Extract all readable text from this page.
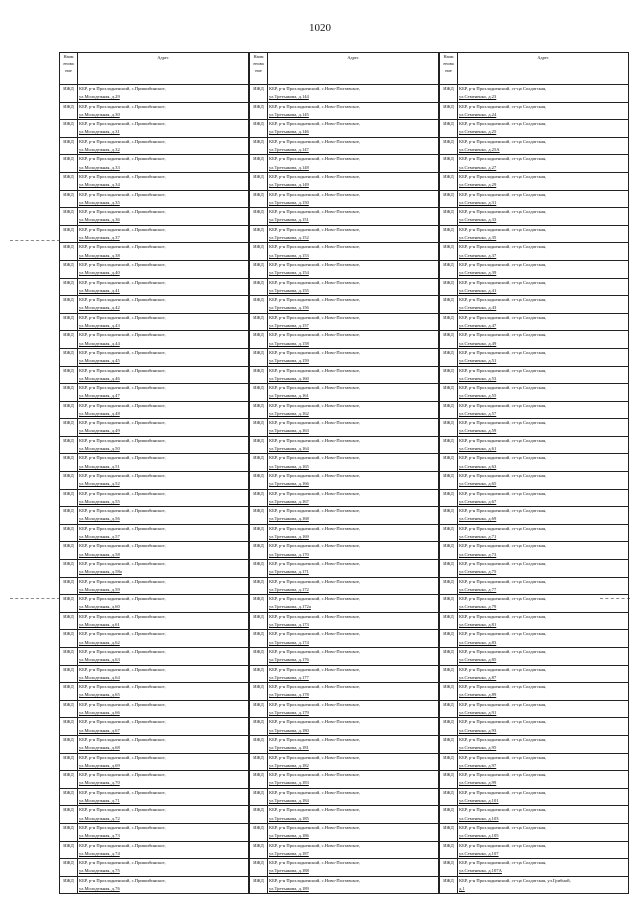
1020
Наим енова ние	Адрес
ИЖД	КБР, р-н Прохладненский, с.Пришибинское,
ул.Молодежная, д.29

ИЖД	КБР, р-н Прохладненский, с.Пришибинское,
ул.Молодежная, д.30

ИЖД	КБР, р-н Прохладненский, с.Пришибинское,
ул.Молодежная, д.31

ИЖД	КБР, р-н Прохладненский, с.Пришибинское,
ул.Молодежная, д.32

ИЖД	КБР, р-н Прохладненский, с.Пришибинское,
ул.Молодежная, д.33

ИЖД	КБР, р-н Прохладненский, с.Пришибинское,
ул.Молодежная, д.34

ИЖД	КБР, р-н Прохладненский, с.Пришибинское,
ул.Молодежная, д.35

ИЖД	КБР, р-н Прохладненский, с.Пришибинское,
ул.Молодежная, д.36

ИЖД	КБР, р-н Прохладненский, с.Пришибинское,
ул.Молодежная, д.37

ИЖД	КБР, р-н Прохладненский, с.Пришибинское,
ул.Молодежная, д.38

ИЖД	КБР, р-н Прохладненский, с.Пришибинское,
ул.Молодежная, д.40

ИЖД	КБР, р-н Прохладненский, с.Пришибинское,
ул.Молодежная, д.41

ИЖД	КБР, р-н Прохладненский, с.Пришибинское,
ул.Молодежная, д.42

ИЖД	КБР, р-н Прохладненский, с.Пришибинское,
ул.Молодежная, д.43

ИЖД	КБР, р-н Прохладненский, с.Пришибинское,
ул.Молодежная, д.44

ИЖД	КБР, р-н Прохладненский, с.Пришибинское,
ул.Молодежная, д.45

ИЖД	КБР, р-н Прохладненский, с.Пришибинское,
ул.Молодежная, д.46

ИЖД	КБР, р-н Прохладненский, с.Пришибинское,
ул.Молодежная, д.47

ИЖД	КБР, р-н Прохладненский, с.Пришибинское,
ул.Молодежная, д.48

ИЖД	КБР, р-н Прохладненский, с.Пришибинское,
ул.Молодежная, д.49

ИЖД	КБР, р-н Прохладненский, с.Пришибинское,
ул.Молодежная, д.50

ИЖД	КБР, р-н Прохладненский, с.Пришибинское,
ул.Молодежная, д.51

ИЖД	КБР, р-н Прохладненский, с.Пришибинское,
ул.Молодежная, д.52

ИЖД	КБР, р-н Прохладненский, с.Пришибинское,
ул.Молодежная, д.55

ИЖД	КБР, р-н Прохладненский, с.Пришибинское,
ул.Молодежная, д.56

ИЖД	КБР, р-н Прохладненский, с.Пришибинское,
ул.Молодежная, д.57

ИЖД	КБР, р-н Прохладненский, с.Пришибинское,
ул.Молодежная, д.58

ИЖД	КБР, р-н Прохладненский, с.Пришибинское,
ул.Молодежная, д.58а

ИЖД	КБР, р-н Прохладненский, с.Пришибинское,
ул.Молодежная, д.59

ИЖД	КБР, р-н Прохладненский, с.Пришибинское,
ул.Молодежная, д.60

ИЖД	КБР, р-н Прохладненский, с.Пришибинское,
ул.Молодежная, д.61

ИЖД	КБР, р-н Прохладненский, с.Пришибинское,
ул.Молодежная, д.62

ИЖД	КБР, р-н Прохладненский, с.Пришибинское,
ул.Молодежная, д.63

ИЖД	КБР, р-н Прохладненский, с.Пришибинское,
ул.Молодежная, д.64

ИЖД	КБР, р-н Прохладненский, с.Пришибинское,
ул.Молодежная, д.65

ИЖД	КБР, р-н Прохладненский, с.Пришибинское,
ул.Молодежная, д.66

ИЖД	КБР, р-н Прохладненский, с.Пришибинское,
ул.Молодежная, д.67

ИЖД	КБР, р-н Прохладненский, с.Пришибинское,
ул.Молодежная, д.68

ИЖД	КБР, р-н Прохладненский, с.Пришибинское,
ул.Молодежная, д.69

ИЖД	КБР, р-н Прохладненский, с.Пришибинское,
ул.Молодежная, д.70

ИЖД	КБР, р-н Прохладненский, с.Пришибинское,
ул.Молодежная, д.71

ИЖД	КБР, р-н Прохладненский, с.Пришибинское,
ул.Молодежная, д.72

ИЖД	КБР, р-н Прохладненский, с.Пришибинское,
ул.Молодежная, д.73

ИЖД	КБР, р-н Прохладненский, с.Пришибинское,
ул.Молодежная, д.74

ИЖД	КБР, р-н Прохладненский, с.Пришибинское,
ул.Молодежная, д.75

ИЖД	КБР, р-н Прохладненский, с.Пришибинское,
ул.Молодежная, д.76
Наим енова ние	Адрес
ИЖД	КБР, р-н Прохладненский, с.Ново-Полтавское,
ул.Третьякова, д.144

ИЖД	КБР, р-н Прохладненский, с.Ново-Полтавское,
ул.Третьякова, д.145

ИЖД	КБР, р-н Прохладненский, с.Ново-Полтавское,
ул.Третьякова, д.146

ИЖД	КБР, р-н Прохладненский, с.Ново-Полтавское,
ул.Третьякова, д.147

ИЖД	КБР, р-н Прохладненский, с.Ново-Полтавское,
ул.Третьякова, д.148

ИЖД	КБР, р-н Прохладненский, с.Ново-Полтавское,
ул.Третьякова, д.149

ИЖД	КБР, р-н Прохладненский, с.Ново-Полтавское,
ул.Третьякова, д.150

ИЖД	КБР, р-н Прохладненский, с.Ново-Полтавское,
ул.Третьякова, д.151

ИЖД	КБР, р-н Прохладненский, с.Ново-Полтавское,
ул.Третьякова, д.152

ИЖД	КБР, р-н Прохладненский, с.Ново-Полтавское,
ул.Третьякова, д.153

ИЖД	КБР, р-н Прохладненский, с.Ново-Полтавское,
ул.Третьякова, д.154

ИЖД	КБР, р-н Прохладненский, с.Ново-Полтавское,
ул.Третьякова, д.155

ИЖД	КБР, р-н Прохладненский, с.Ново-Полтавское,
ул.Третьякова, д.156

ИЖД	КБР, р-н Прохладненский, с.Ново-Полтавское,
ул.Третьякова, д.157

ИЖД	КБР, р-н Прохладненский, с.Ново-Полтавское,
ул.Третьякова, д.158

ИЖД	КБР, р-н Прохладненский, с.Ново-Полтавское,
ул.Третьякова, д.159

ИЖД	КБР, р-н Прохладненский, с.Ново-Полтавское,
ул.Третьякова, д.160

ИЖД	КБР, р-н Прохладненский, с.Ново-Полтавское,
ул.Третьякова, д.161

ИЖД	КБР, р-н Прохладненский, с.Ново-Полтавское,
ул.Третьякова, д.162

ИЖД	КБР, р-н Прохладненский, с.Ново-Полтавское,
ул.Третьякова, д.163

ИЖД	КБР, р-н Прохладненский, с.Ново-Полтавское,
ул.Третьякова, д.164

ИЖД	КБР, р-н Прохладненский, с.Ново-Полтавское,
ул.Третьякова, д.165

ИЖД	КБР, р-н Прохладненский, с.Ново-Полтавское,
ул.Третьякова, д.166

ИЖД	КБР, р-н Прохладненский, с.Ново-Полтавское,
ул.Третьякова, д.167

ИЖД	КБР, р-н Прохладненский, с.Ново-Полтавское,
ул.Третьякова, д.168

ИЖД	КБР, р-н Прохладненский, с.Ново-Полтавское,
ул.Третьякова, д.169

ИЖД	КБР, р-н Прохладненский, с.Ново-Полтавское,
ул.Третьякова, д.170

ИЖД	КБР, р-н Прохладненский, с.Ново-Полтавское,
ул.Третьякова, д.171

ИЖД	КБР, р-н Прохладненский, с.Ново-Полтавское,
ул.Третьякова, д.172

ИЖД	КБР, р-н Прохладненский, с.Ново-Полтавское,
ул.Третьякова, д.172а

ИЖД	КБР, р-н Прохладненский, с.Ново-Полтавское,
ул.Третьякова, д.173

ИЖД	КБР, р-н Прохладненский, с.Ново-Полтавское,
ул.Третьякова, д.174

ИЖД	КБР, р-н Прохладненский, с.Ново-Полтавское,
ул.Третьякова, д.176

ИЖД	КБР, р-н Прохладненский, с.Ново-Полтавское,
ул.Третьякова, д.177

ИЖД	КБР, р-н Прохладненский, с.Ново-Полтавское,
ул.Третьякова, д.178

ИЖД	КБР, р-н Прохладненский, с.Ново-Полтавское,
ул.Третьякова, д.179

ИЖД	КБР, р-н Прохладненский, с.Ново-Полтавское,
ул.Третьякова, д.180

ИЖД	КБР, р-н Прохладненский, с.Ново-Полтавское,
ул.Третьякова, д.181

ИЖД	КБР, р-н Прохладненский, с.Ново-Полтавское,
ул.Третьякова, д.182

ИЖД	КБР, р-н Прохладненский, с.Ново-Полтавское,
ул.Третьякова, д.183

ИЖД	КБР, р-н Прохладненский, с.Ново-Полтавское,
ул.Третьякова, д.184

ИЖД	КБР, р-н Прохладненский, с.Ново-Полтавское,
ул.Третьякова, д.185

ИЖД	КБР, р-н Прохладненский, с.Ново-Полтавское,
ул.Третьякова, д.186

ИЖД	КБР, р-н Прохладненский, с.Ново-Полтавское,
ул.Третьякова, д.187

ИЖД	КБР, р-н Прохладненский, с.Ново-Полтавское,
ул.Третьякова, д.188

ИЖД	КБР, р-н Прохладненский, с.Ново-Полтавское,
ул.Третьякова, д.189
Наим енова ние	Адрес
ИЖД	КБР, р-н Прохладненский, ст-ца Солдатская,
ул.Семененко, д.23

ИЖД	КБР, р-н Прохладненский, ст-ца Солдатская,
ул.Семененко, д.24

ИЖД	КБР, р-н Прохладненский, ст-ца Солдатская,
ул.Семененко, д.25

ИЖД	КБР, р-н Прохладненский, ст-ца Солдатская,
ул.Семененко, д.25А

ИЖД	КБР, р-н Прохладненский, ст-ца Солдатская,
ул.Семененко, д.27

ИЖД	КБР, р-н Прохладненский, ст-ца Солдатская,
ул.Семененко, д.29

ИЖД	КБР, р-н Прохладненский, ст-ца Солдатская,
ул.Семененко, д.31

ИЖД	КБР, р-н Прохладненский, ст-ца Солдатская,
ул.Семененко, д.33

ИЖД	КБР, р-н Прохладненский, ст-ца Солдатская,
ул.Семененко, д.35

ИЖД	КБР, р-н Прохладненский, ст-ца Солдатская,
ул.Семененко, д.37

ИЖД	КБР, р-н Прохладненский, ст-ца Солдатская,
ул.Семененко, д.39

ИЖД	КБР, р-н Прохладненский, ст-ца Солдатская,
ул.Семененко, д.41

ИЖД	КБР, р-н Прохладненский, ст-ца Солдатская,
ул.Семененко, д.43

ИЖД	КБР, р-н Прохладненский, ст-ца Солдатская,
ул.Семененко, д.47

ИЖД	КБР, р-н Прохладненский, ст-ца Солдатская,
ул.Семененко, д.49

ИЖД	КБР, р-н Прохладненский, ст-ца Солдатская,
ул.Семененко, д.51

ИЖД	КБР, р-н Прохладненский, ст-ца Солдатская,
ул.Семененко, д.53

ИЖД	КБР, р-н Прохладненский, ст-ца Солдатская,
ул.Семененко, д.55

ИЖД	КБР, р-н Прохладненский, ст-ца Солдатская,
ул.Семененко, д.57

ИЖД	КБР, р-н Прохладненский, ст-ца Солдатская,
ул.Семененко, д.59

ИЖД	КБР, р-н Прохладненский, ст-ца Солдатская,
ул.Семененко, д.61

ИЖД	КБР, р-н Прохладненский, ст-ца Солдатская,
ул.Семененко, д.63

ИЖД	КБР, р-н Прохладненский, ст-ца Солдатская,
ул.Семененко, д.65

ИЖД	КБР, р-н Прохладненский, ст-ца Солдатская,
ул.Семененко, д.67

ИЖД	КБР, р-н Прохладненский, ст-ца Солдатская,
ул.Семененко, д.69

ИЖД	КБР, р-н Прохладненский, ст-ца Солдатская,
ул.Семененко, д.71

ИЖД	КБР, р-н Прохладненский, ст-ца Солдатская,
ул.Семененко, д.73

ИЖД	КБР, р-н Прохладненский, ст-ца Солдатская,
ул.Семененко, д.75

ИЖД	КБР, р-н Прохладненский, ст-ца Солдатская,
ул.Семененко, д.77

ИЖД	КБР, р-н Прохладненский, ст-ца Солдатская,
ул.Семененко, д.79

ИЖД	КБР, р-н Прохладненский, ст-ца Солдатская,
ул.Семененко, д.81

ИЖД	КБР, р-н Прохладненский, ст-ца Солдатская,
ул.Семененко, д.83

ИЖД	КБР, р-н Прохладненский, ст-ца Солдатская,
ул.Семененко, д.85

ИЖД	КБР, р-н Прохладненский, ст-ца Солдатская,
ул.Семененко, д.87

ИЖД	КБР, р-н Прохладненский, ст-ца Солдатская,
ул.Семененко, д.89

ИЖД	КБР, р-н Прохладненский, ст-ца Солдатская,
ул.Семененко, д.91

ИЖД	КБР, р-н Прохладненский, ст-ца Солдатская,
ул.Семененко, д.93

ИЖД	КБР, р-н Прохладненский, ст-ца Солдатская,
ул.Семененко, д.95

ИЖД	КБР, р-н Прохладненский, ст-ца Солдатская,
ул.Семененко, д.97

ИЖД	КБР, р-н Прохладненский, ст-ца Солдатская,
ул.Семененко, д.99

ИЖД	КБР, р-н Прохладненский, ст-ца Солдатская,
ул.Семененко, д.101

ИЖД	КБР, р-н Прохладненский, ст-ца Солдатская,
ул.Семененко, д.103

ИЖД	КБР, р-н Прохладненский, ст-ца Солдатская,
ул.Семененко, д.105

ИЖД	КБР, р-н Прохладненский, ст-ца Солдатская,
ул.Семененко, д.107

ИЖД	КБР, р-н Прохладненский, ст-ца Солдатская,
ул.Семененко, д.107А

ИЖД	КБР, р-н Прохладненский, ст-ца Солдатская, ул.Грибной,
д.1
